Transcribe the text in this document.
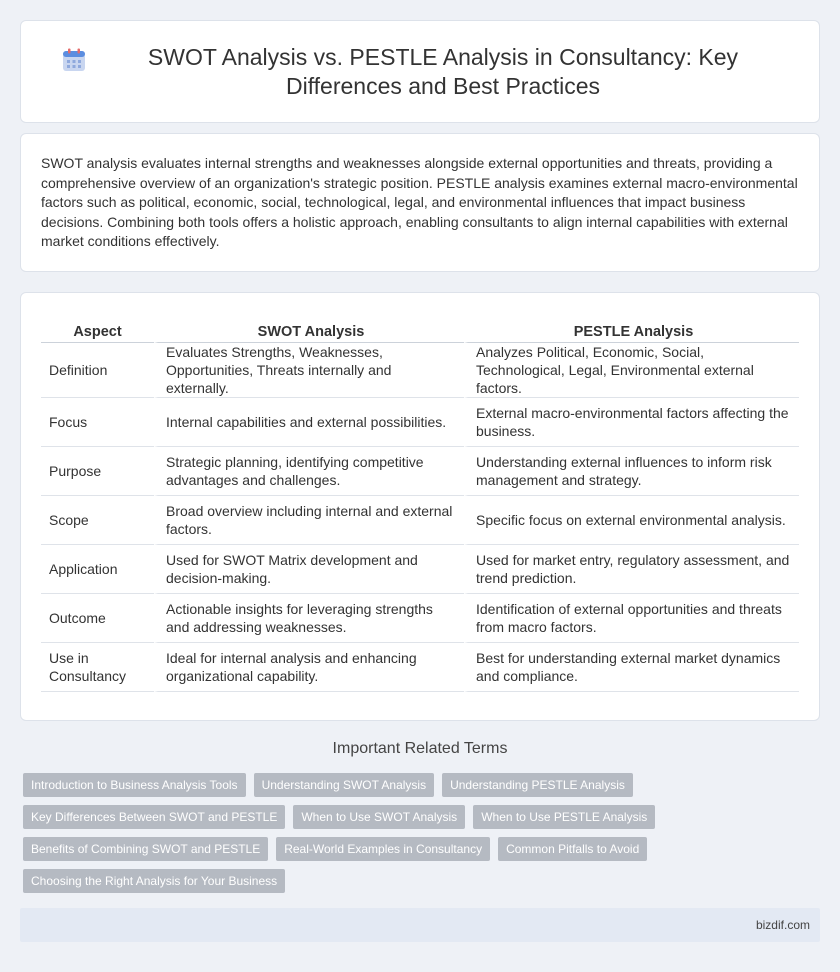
SWOT Analysis vs. PESTLE Analysis in Consultancy: Key Differences and Best Practices

SWOT analysis evaluates internal strengths and weaknesses alongside external opportunities and threats, providing a comprehensive overview of an organization's strategic position. PESTLE analysis examines external macro-environmental factors such as political, economic, social, technological, legal, and environmental influences that impact business decisions. Combining both tools offers a holistic approach, enabling consultants to align internal capabilities with external market conditions effectively.

Aspect	SWOT Analysis	PESTLE Analysis
Definition	Evaluates Strengths, Weaknesses, Opportunities, Threats internally and externally.	Analyzes Political, Economic, Social, Technological, Legal, Environmental external factors.
Focus	Internal capabilities and external possibilities.	External macro-environmental factors affecting the business.
Purpose	Strategic planning, identifying competitive advantages and challenges.	Understanding external influences to inform risk management and strategy.
Scope	Broad overview including internal and external factors.	Specific focus on external environmental analysis.
Application	Used for SWOT Matrix development and decision-making.	Used for market entry, regulatory assessment, and trend prediction.
Outcome	Actionable insights for leveraging strengths and addressing weaknesses.	Identification of external opportunities and threats from macro factors.
Use in Consultancy	Ideal for internal analysis and enhancing organizational capability.	Best for understanding external market dynamics and compliance.
Important Related Terms
Introduction to Business Analysis Tools	Understanding SWOT Analysis	Understanding PESTLE Analysis
Key Differences Between SWOT and PESTLE	When to Use SWOT Analysis	When to Use PESTLE Analysis
Benefits of Combining SWOT and PESTLE	Real-World Examples in Consultancy	Common Pitfalls to Avoid
Choosing the Right Analysis for Your Business
bizdif.com
